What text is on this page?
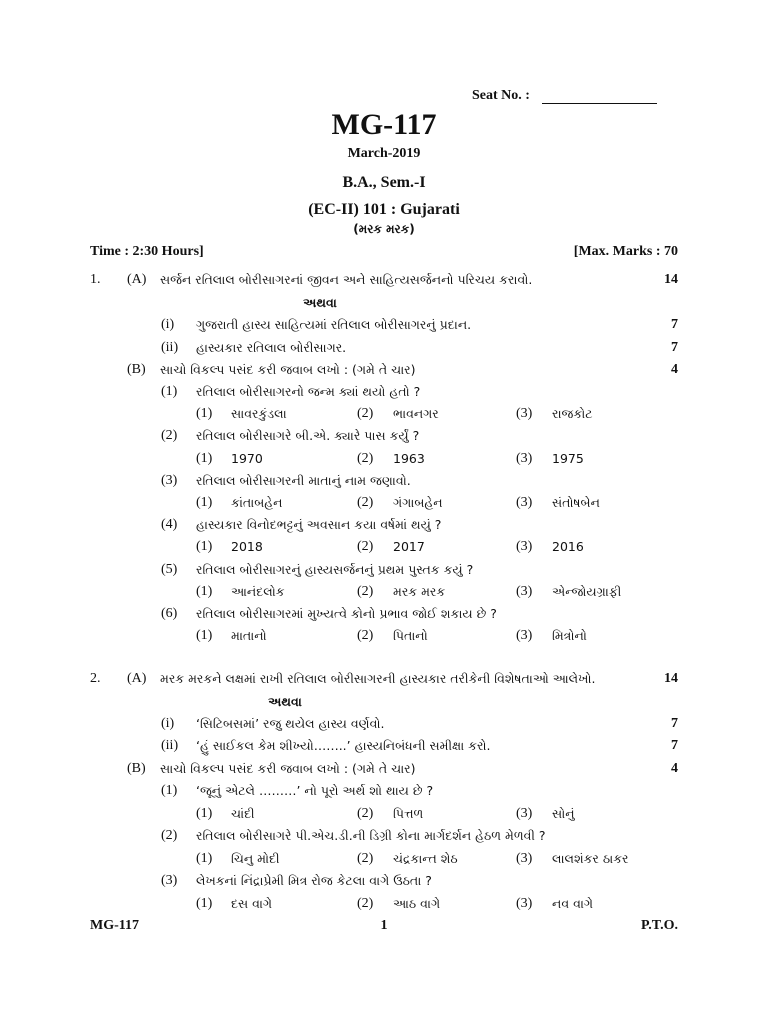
Seat No. :
MG-117
March-2019
B.A., Sem.-I
(EC-II) 101 : Gujarati
(મરક મરક)
Time : 2:30 Hours]	[Max. Marks : 70
1. (A) સર્જન રતિલાલ બોરીસાગરનાં જીવન અને સાહિત્યસર્જનનો પરિચય કરાવો.	14
અથવા
(i) ગુજરાતી હાસ્ય સાહિત્યમાં રતિલાલ બોરીસાગરનું પ્રદાન.	7
(ii) હાસ્યકાર રતિલાલ બોરીસાગર.	7
(B) સાચો વિકલ્પ પસંદ કરી જવાબ લખો : (ગમે તે ચાર)	4
(1) રતિલાલ બોરીસાગરનો જન્મ ક્યાં થયો હતો ?
(1) સાવરકુંડલા	(2) ભાવનગર	(3) રાજકોટ
(2) રતિલાલ બોરીસાગરે બી.એ. ક્યારે પાસ કર્યું ?
(1) 1970	(2) 1963	(3) 1975
(3) રતિલાલ બોરીસાગરની માતાનું નામ જણાવો.
(1) કાંતાબહેન	(2) ગંગાબહેન	(3) સંતોષબેન
(4) હાસ્યકાર વિનોદભટ્ટનું અવસાન કયા વર્ષમાં થયું ?
(1) 2018	(2) 2017	(3) 2016
(5) રતિલાલ બોરીસાગરનું હાસ્યસર્જનનું પ્રથમ પુસ્તક કયું ?
(1) આનંદલોક	(2) મરક મરક	(3) એન્જોયગ્રાફી
(6) રતિલાલ બોરીસાગરમાં મુખ્યત્વે કોનો પ્રભાવ જોઈ શકાય છે ?
(1) માતાનો	(2) પિતાનો	(3) મિત્રોનો
2. (A) મરક મરકને લક્ષમાં રાખી રતિલાલ બોરીસાગરની હાસ્યકાર તરીકેની વિશેષતાઓ આલેખો.	14
અથવા
(i) ‘સિટિબસમાં’ રજુ થયેલ હાસ્ય વર્ણવો.	7
(ii) ‘હું સાઈકલ કેમ શીખ્યો……..’ હાસ્યનિબંધની સમીક્ષા કરો.	7
(B) સાચો વિકલ્પ પસંદ કરી જવાબ લખો : (ગમે તે ચાર)	4
(1) ‘જૂનું એટલે ………’ નો પૂરો અર્થ શો થાય છે ?
(1) ચાંદી	(2) પિત્તળ	(3) સોનું
(2) રતિલાલ બોરીસાગરે પી.એચ.ડી.ની ડિગ્રી કોના માર્ગદર્શન હેઠળ મેળવી ?
(1) ચિનુ મોદી	(2) ચંદ્રકાન્ત શેઠ	(3) લાલશંકર ઠાકર
(3) લેખકનાં નિંદ્રાપ્રેમી મિત્ર રોજ કેટલા વાગે ઉઠતા ?
(1) દસ વાગે	(2) આઠ વાગે	(3) નવ વાગે
MG-117	1	P.T.O.
